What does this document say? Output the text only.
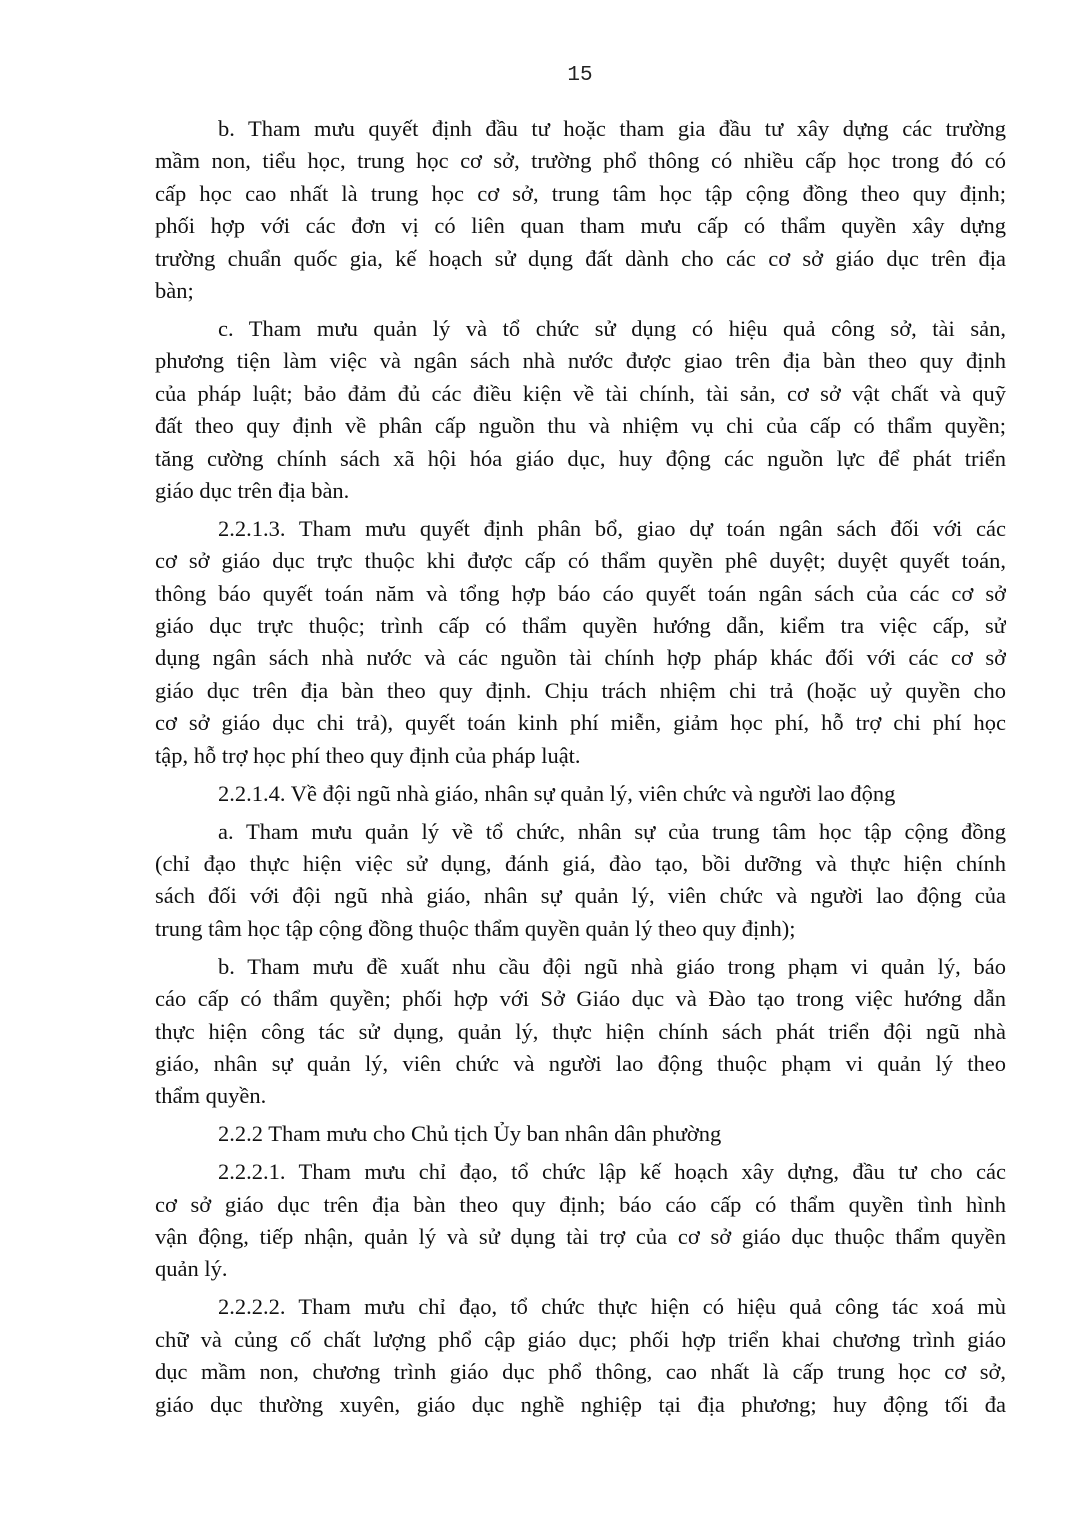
15
b. Tham mưu quyết định đầu tư hoặc tham gia đầu tư xây dựng các trường
mầm non, tiểu học, trung học cơ sở, trường phổ thông có nhiều cấp học trong đó có
cấp học cao nhất là trung học cơ sở, trung tâm học tập cộng đồng theo quy định;
phối hợp với các đơn vị có liên quan tham mưu cấp có thẩm quyền xây dựng
trường chuẩn quốc gia, kế hoạch sử dụng đất dành cho các cơ sở giáo dục trên địa
bàn;
c. Tham mưu quản lý và tổ chức sử dụng có hiệu quả công sở, tài sản,
phương tiện làm việc và ngân sách nhà nước được giao trên địa bàn theo quy định
của pháp luật; bảo đảm đủ các điều kiện về tài chính, tài sản, cơ sở vật chất và quỹ
đất theo quy định về phân cấp nguồn thu và nhiệm vụ chi của cấp có thẩm quyền;
tăng cường chính sách xã hội hóa giáo dục, huy động các nguồn lực để phát triển
giáo dục trên địa bàn.
2.2.1.3. Tham mưu quyết định phân bổ, giao dự toán ngân sách đối với các
cơ sở giáo dục trực thuộc khi được cấp có thẩm quyền phê duyệt; duyệt quyết toán,
thông báo quyết toán năm và tổng hợp báo cáo quyết toán ngân sách của các cơ sở
giáo dục trực thuộc; trình cấp có thẩm quyền hướng dẫn, kiểm tra việc cấp, sử
dụng ngân sách nhà nước và các nguồn tài chính hợp pháp khác đối với các cơ sở
giáo dục trên địa bàn theo quy định. Chịu trách nhiệm chi trả (hoặc uỷ quyền cho
cơ sở giáo dục chi trả), quyết toán kinh phí miễn, giảm học phí, hỗ trợ chi phí học
tập, hỗ trợ học phí theo quy định của pháp luật.
2.2.1.4. Về đội ngũ nhà giáo, nhân sự quản lý, viên chức và người lao động
a. Tham mưu quản lý về tổ chức, nhân sự của trung tâm học tập cộng đồng
(chỉ đạo thực hiện việc sử dụng, đánh giá, đào tạo, bồi dưỡng và thực hiện chính
sách đối với đội ngũ nhà giáo, nhân sự quản lý, viên chức và người lao động của
trung tâm học tập cộng đồng thuộc thẩm quyền quản lý theo quy định);
b. Tham mưu đề xuất nhu cầu đội ngũ nhà giáo trong phạm vi quản lý, báo
cáo cấp có thẩm quyền; phối hợp với Sở Giáo dục và Đào tạo trong việc hướng dẫn
thực hiện công tác sử dụng, quản lý, thực hiện chính sách phát triển đội ngũ nhà
giáo, nhân sự quản lý, viên chức và người lao động thuộc phạm vi quản lý theo
thẩm quyền.
2.2.2 Tham mưu cho Chủ tịch Ủy ban nhân dân phường
2.2.2.1. Tham mưu chỉ đạo, tổ chức lập kế hoạch xây dựng, đầu tư cho các
cơ sở giáo dục trên địa bàn theo quy định; báo cáo cấp có thẩm quyền tình hình
vận động, tiếp nhận, quản lý và sử dụng tài trợ của cơ sở giáo dục thuộc thẩm quyền
quản lý.
2.2.2.2. Tham mưu chỉ đạo, tổ chức thực hiện có hiệu quả công tác xoá mù
chữ và củng cố chất lượng phổ cập giáo dục; phối hợp triển khai chương trình giáo
dục mầm non, chương trình giáo dục phổ thông, cao nhất là cấp trung học cơ sở,
giáo dục thường xuyên, giáo dục nghề nghiệp tại địa phương; huy động tối đa
